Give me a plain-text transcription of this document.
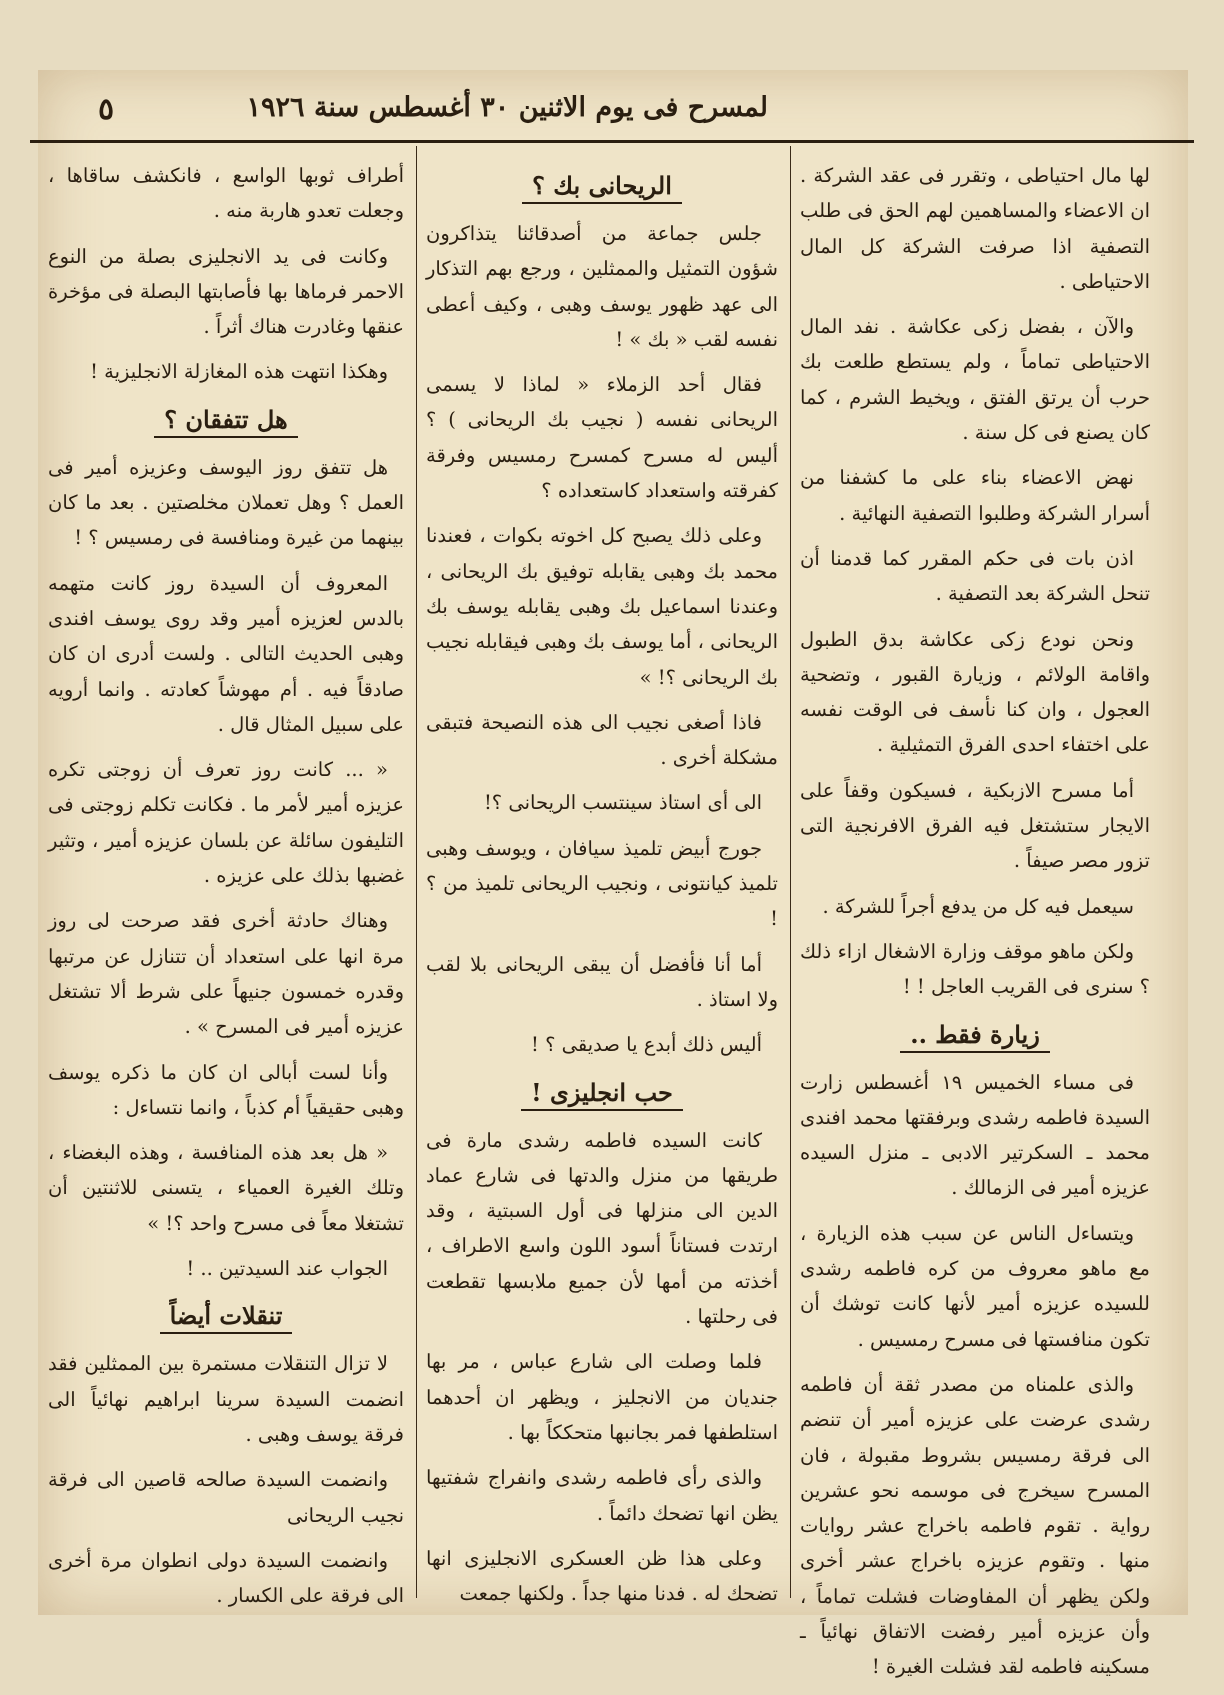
لمسرح فى يوم الاثنين ٣٠ أغسطس سنة ١٩٢٦
٥

لها مال احتياطى ، وتقرر فى عقد الشركة . ان الاعضاء والمساهمين لهم الحق فى طلب التصفية اذا صرفت الشركة كل المال الاحتياطى .

والآن ، بفضل زكى عكاشة . نفد المال الاحتياطى تماماً ، ولم يستطع طلعت بك حرب أن يرتق الفتق ، ويخيط الشرم ، كما كان يصنع فى كل سنة .

نهض الاعضاء بناء على ما كشفنا من أسرار الشركة وطلبوا التصفية النهائية .

اذن بات فى حكم المقرر كما قدمنا أن تنحل الشركة بعد التصفية .

ونحن نودع زكى عكاشة بدق الطبول واقامة الولائم ، وزيارة القبور ، وتضحية العجول ، وان كنا نأسف فى الوقت نفسه على اختفاء احدى الفرق التمثيلية .

أما مسرح الازبكية ، فسيكون وقفاً على الايجار ستشتغل فيه الفرق الافرنجية التى تزور مصر صيفاً .

سيعمل فيه كل من يدفع أجراً للشركة .

ولكن ماهو موقف وزارة الاشغال ازاء ذلك ؟ سنرى فى القريب العاجل ! !

زيارة فقط ..

فى مساء الخميس ١٩ أغسطس زارت السيدة فاطمه رشدى وبرفقتها محمد افندى محمد ـ السكرتير الادبى ـ منزل السيده عزيزه أمير فى الزمالك .

ويتساءل الناس عن سبب هذه الزيارة ، مع ماهو معروف من كره فاطمه رشدى للسيده عزيزه أمير لأنها كانت توشك أن تكون منافستها فى مسرح رمسيس .

والذى علمناه من مصدر ثقة أن فاطمه رشدى عرضت على عزيزه أمير أن تنضم الى فرقة رمسيس بشروط مقبولة ، فان المسرح سيخرج فى موسمه نحو عشرين رواية . تقوم فاطمه باخراج عشر روايات منها . وتقوم عزيزه باخراج عشر أخرى ولكن يظهر أن المفاوضات فشلت تماماً ، وأن عزيزه أمير رفضت الاتفاق نهائياً ـ مسكينه فاطمه لقد فشلت الغيرة !

الريحانى بك ؟

جلس جماعة من أصدقائنا يتذاكرون شؤون التمثيل والممثلين ، ورجع بهم التذكار الى عهد ظهور يوسف وهبى ، وكيف أعطى نفسه لقب « بك » !

فقال أحد الزملاء « لماذا لا يسمى الريحانى نفسه ( نجيب بك الريحانى ) ؟ أليس له مسرح كمسرح رمسيس وفرقة كفرقته واستعداد كاستعداده ؟

وعلى ذلك يصبح كل اخوته بكوات ، فعندنا محمد بك وهبى يقابله توفيق بك الريحانى ، وعندنا اسماعيل بك وهبى يقابله يوسف بك الريحانى ، أما يوسف بك وهبى فيقابله نجيب بك الريحانى ؟! »

فاذا أصغى نجيب الى هذه النصيحة فتبقى مشكلة أخرى .

الى أى استاذ سينتسب الريحانى ؟!

جورج أبيض تلميذ سيافان ، ويوسف وهبى تلميذ كيانتونى ، ونجيب الريحانى تلميذ من ؟ !

أما أنا فأفضل أن يبقى الريحانى بلا لقب ولا استاذ .

أليس ذلك أبدع يا صديقى ؟ !

حب انجليزى !

كانت السيده فاطمه رشدى مارة فى طريقها من منزل والدتها فى شارع عماد الدين الى منزلها فى أول السبتية ، وقد ارتدت فستاناً أسود اللون واسع الاطراف ، أخذته من أمها لأن جميع ملابسها تقطعت فى رحلتها .

فلما وصلت الى شارع عباس ، مر بها جنديان من الانجليز ، ويظهر ان أحدهما استلطفها فمر بجانبها متحككاً بها .

والذى رأى فاطمه رشدى وانفراج شفتيها يظن انها تضحك دائماً .

وعلى هذا ظن العسكرى الانجليزى انها تضحك له . فدنا منها جداً . ولكنها جمعت

أطراف ثوبها الواسع ، فانكشف ساقاها ، وجعلت تعدو هاربة منه .

وكانت فى يد الانجليزى بصلة من النوع الاحمر فرماها بها فأصابتها البصلة فى مؤخرة عنقها وغادرت هناك أثراً .

وهكذا انتهت هذه المغازلة الانجليزية !

هل تتفقان ؟

هل تتفق روز اليوسف وعزيزه أمير فى العمل ؟ وهل تعملان مخلصتين . بعد ما كان بينهما من غيرة ومنافسة فى رمسيس ؟ !

المعروف أن السيدة روز كانت متهمه بالدس لعزيزه أمير وقد روى يوسف افندى وهبى الحديث التالى . ولست أدرى ان كان صادقاً فيه . أم مهوشاً كعادته . وانما أرويه على سبيل المثال قال .

« ... كانت روز تعرف أن زوجتى تكره عزيزه أمير لأمر ما . فكانت تكلم زوجتى فى التليفون سائلة عن بلسان عزيزه أمير ، وتثير غضبها بذلك على عزيزه .

وهناك حادثة أخرى فقد صرحت لى روز مرة انها على استعداد أن تتنازل عن مرتبها وقدره خمسون جنيهاً على شرط ألا تشتغل عزيزه أمير فى المسرح » .

وأنا لست أبالى ان كان ما ذكره يوسف وهبى حقيقياً أم كذباً ، وانما نتساءل :

« هل بعد هذه المنافسة ، وهذه البغضاء ، وتلك الغيرة العمياء ، يتسنى للاثنتين أن تشتغلا معاً فى مسرح واحد ؟! »

الجواب عند السيدتين .. !

تنقلات أيضاً

لا تزال التنقلات مستمرة بين الممثلين فقد انضمت السيدة سرينا ابراهيم نهائياً الى فرقة يوسف وهبى .

وانضمت السيدة صالحه قاصين الى فرقة نجيب الريحانى

وانضمت السيدة دولى انطوان مرة أخرى الى فرقة على الكسار .
